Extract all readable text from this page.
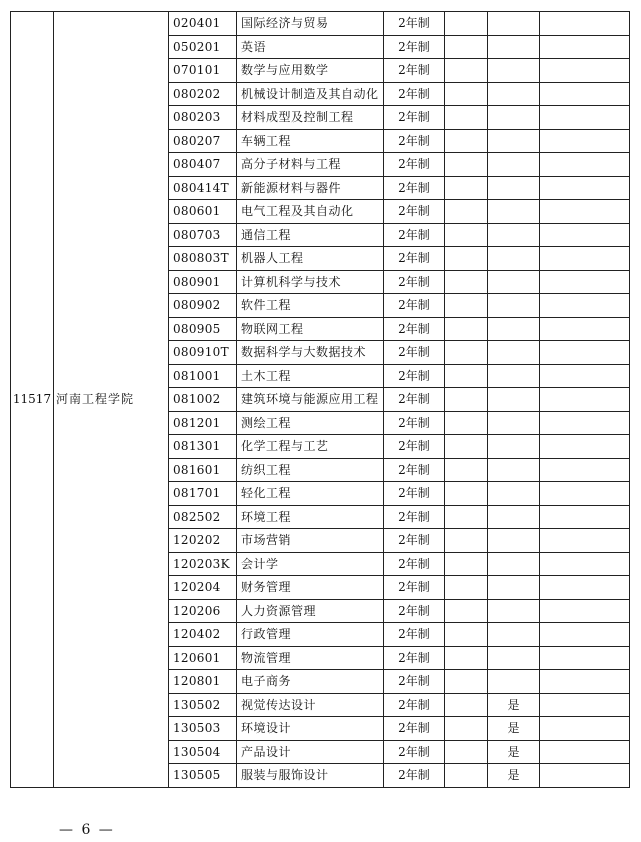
11517	河南工程学院	020401	国际经济与贸易	2年制			
		050201	英语	2年制			
		070101	数学与应用数学	2年制			
		080202	机械设计制造及其自动化	2年制			
		080203	材料成型及控制工程	2年制			
		080207	车辆工程	2年制			
		080407	高分子材料与工程	2年制			
		080414T	新能源材料与器件	2年制			
		080601	电气工程及其自动化	2年制			
		080703	通信工程	2年制			
		080803T	机器人工程	2年制			
		080901	计算机科学与技术	2年制			
		080902	软件工程	2年制			
		080905	物联网工程	2年制			
		080910T	数据科学与大数据技术	2年制			
		081001	土木工程	2年制			
		081002	建筑环境与能源应用工程	2年制			
		081201	测绘工程	2年制			
		081301	化学工程与工艺	2年制			
		081601	纺织工程	2年制			
		081701	轻化工程	2年制			
		082502	环境工程	2年制			
		120202	市场营销	2年制			
		120203K	会计学	2年制			
		120204	财务管理	2年制			
		120206	人力资源管理	2年制			
		120402	行政管理	2年制			
		120601	物流管理	2年制			
		120801	电子商务	2年制			
		130502	视觉传达设计	2年制		是	
		130503	环境设计	2年制		是	
		130504	产品设计	2年制		是	
		130505	服装与服饰设计	2年制		是	
— 6 —
